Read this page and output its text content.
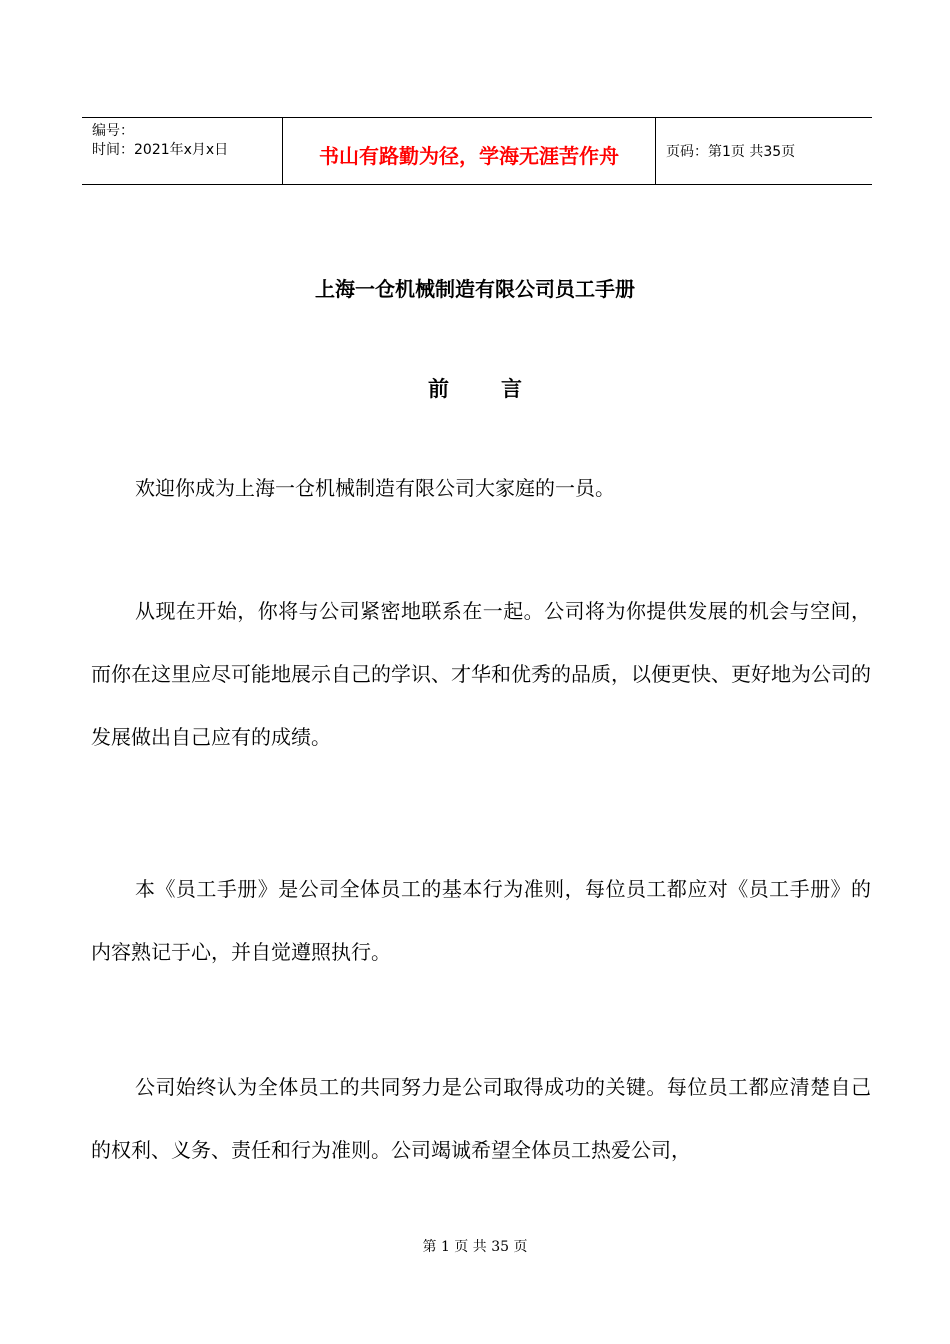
编号：
时间：2021年x月x日	书山有路勤为径，学海无涯苦作舟	页码：第1页 共35页
上海一仓机械制造有限公司员工手册
前言

欢迎你成为上海一仓机械制造有限公司大家庭的一员。

从现在开始，你将与公司紧密地联系在一起。公司将为你提供发展的机会与空间，而你在这里应尽可能地展示自己的学识、才华和优秀的品质，以便更快、更好地为公司的发展做出自己应有的成绩。

本《员工手册》是公司全体员工的基本行为准则，每位员工都应对《员工手册》的内容熟记于心，并自觉遵照执行。

公司始终认为全体员工的共同努力是公司取得成功的关键。每位员工都应清楚自己的权利、义务、责任和行为准则。公司竭诚希望全体员工热爱公司，

第 1 页 共 35 页
